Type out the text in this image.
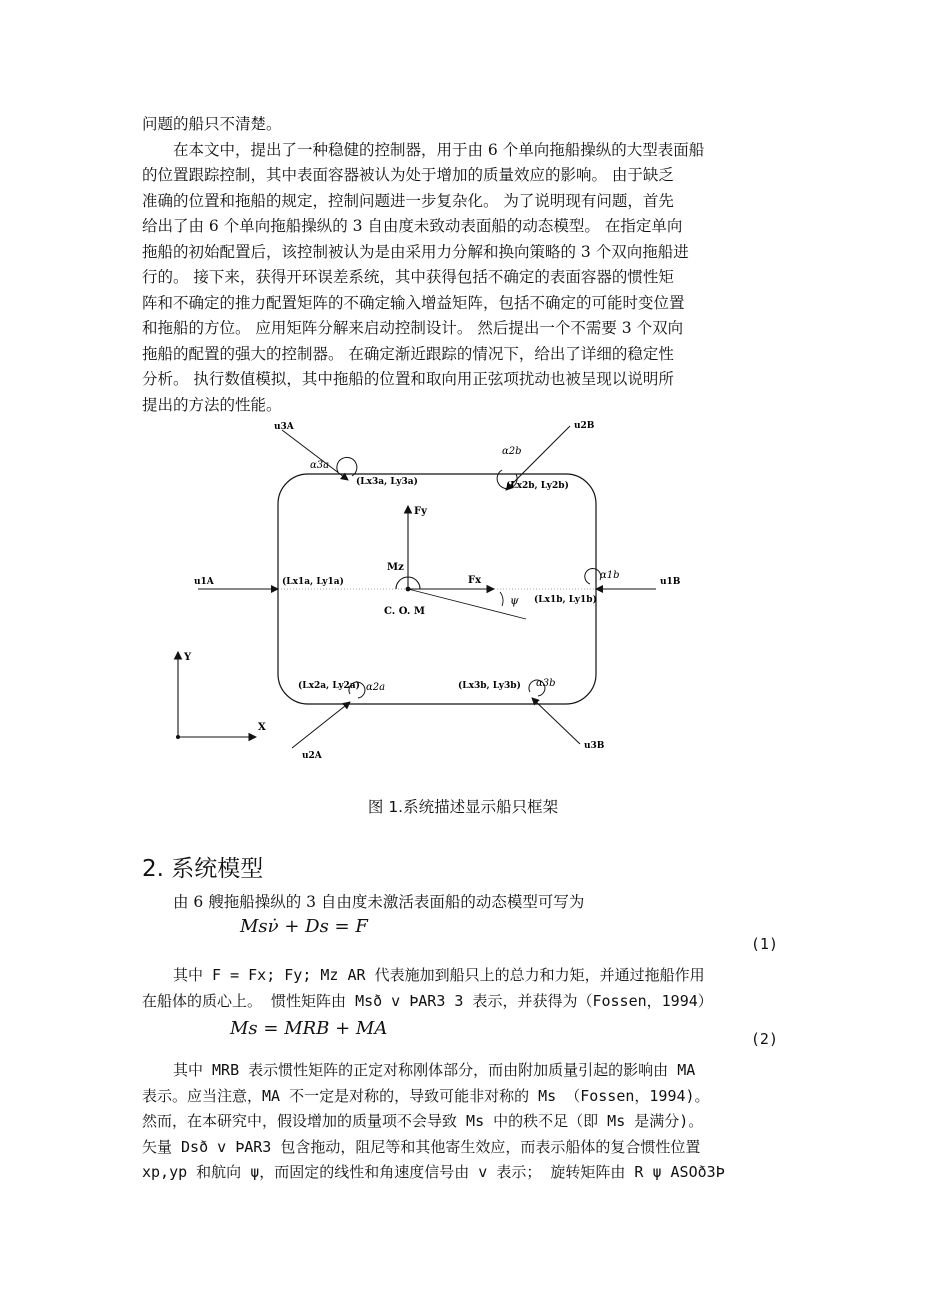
问题的船只不清楚。
在本文中，提出了一种稳健的控制器，用于由 6 个单向拖船操纵的大型表面船
的位置跟踪控制，其中表面容器被认为处于增加的质量效应的影响。 由于缺乏
准确的位置和拖船的规定，控制问题进一步复杂化。 为了说明现有问题，首先
给出了由 6 个单向拖船操纵的 3 自由度未致动表面船的动态模型。 在指定单向
拖船的初始配置后，该控制被认为是由采用力分解和换向策略的 3 个双向拖船进
行的。 接下来，获得开环误差系统，其中获得包括不确定的表面容器的惯性矩
阵和不确定的推力配置矩阵的不确定输入增益矩阵，包括不确定的可能时变位置
和拖船的方位。 应用矩阵分解来启动控制设计。 然后提出一个不需要 3 个双向
拖船的配置的强大的控制器。 在确定渐近跟踪的情况下，给出了详细的稳定性
分析。 执行数值模拟，其中拖船的位置和取向用正弦项扰动也被呈现以说明所
提出的方法的性能。
u3A	u2B
u1A	u1B
u2A
u3B
α3a
α2b
α1b
α2a	α3b
(Lx3a, Ly3a)	(Lx2b, Ly2b)
(Lx1a, Ly1a)
(Lx1b, Ly1b)
(Lx2a, Ly2a)	(Lx3b, Ly3b)
Fy
Fx
Mz
C. O. M
ψ
Y
X
图 1.系统描述显示船只框架
2. 系统模型
由 6 艘拖船操纵的 3 自由度未激活表面船的动态模型可写为
Msν̇ + Ds = F
(1)
其中 F = Fx; Fy; Mz AR 代表施加到船只上的总力和力矩，并通过拖船作用
在船体的质心上。 惯性矩阵由 Msð v ÞAR3 3 表示，并获得为（Fossen，1994）
Ms = MRB + MA	(2)
其中 MRB 表示惯性矩阵的正定对称刚体部分，而由附加质量引起的影响由 MA
表示。应当注意，MA 不一定是对称的，导致可能非对称的 Ms （Fossen，1994)。
然而，在本研究中，假设增加的质量项不会导致 Ms 中的秩不足（即 Ms 是满分)。
矢量 Dsð v ÞAR3 包含拖动，阻尼等和其他寄生效应，而表示船体的复合惯性位置
xp,yp 和航向 ψ，而固定的线性和角速度信号由 v 表示； 旋转矩阵由 R ψ ASOð3Þ
